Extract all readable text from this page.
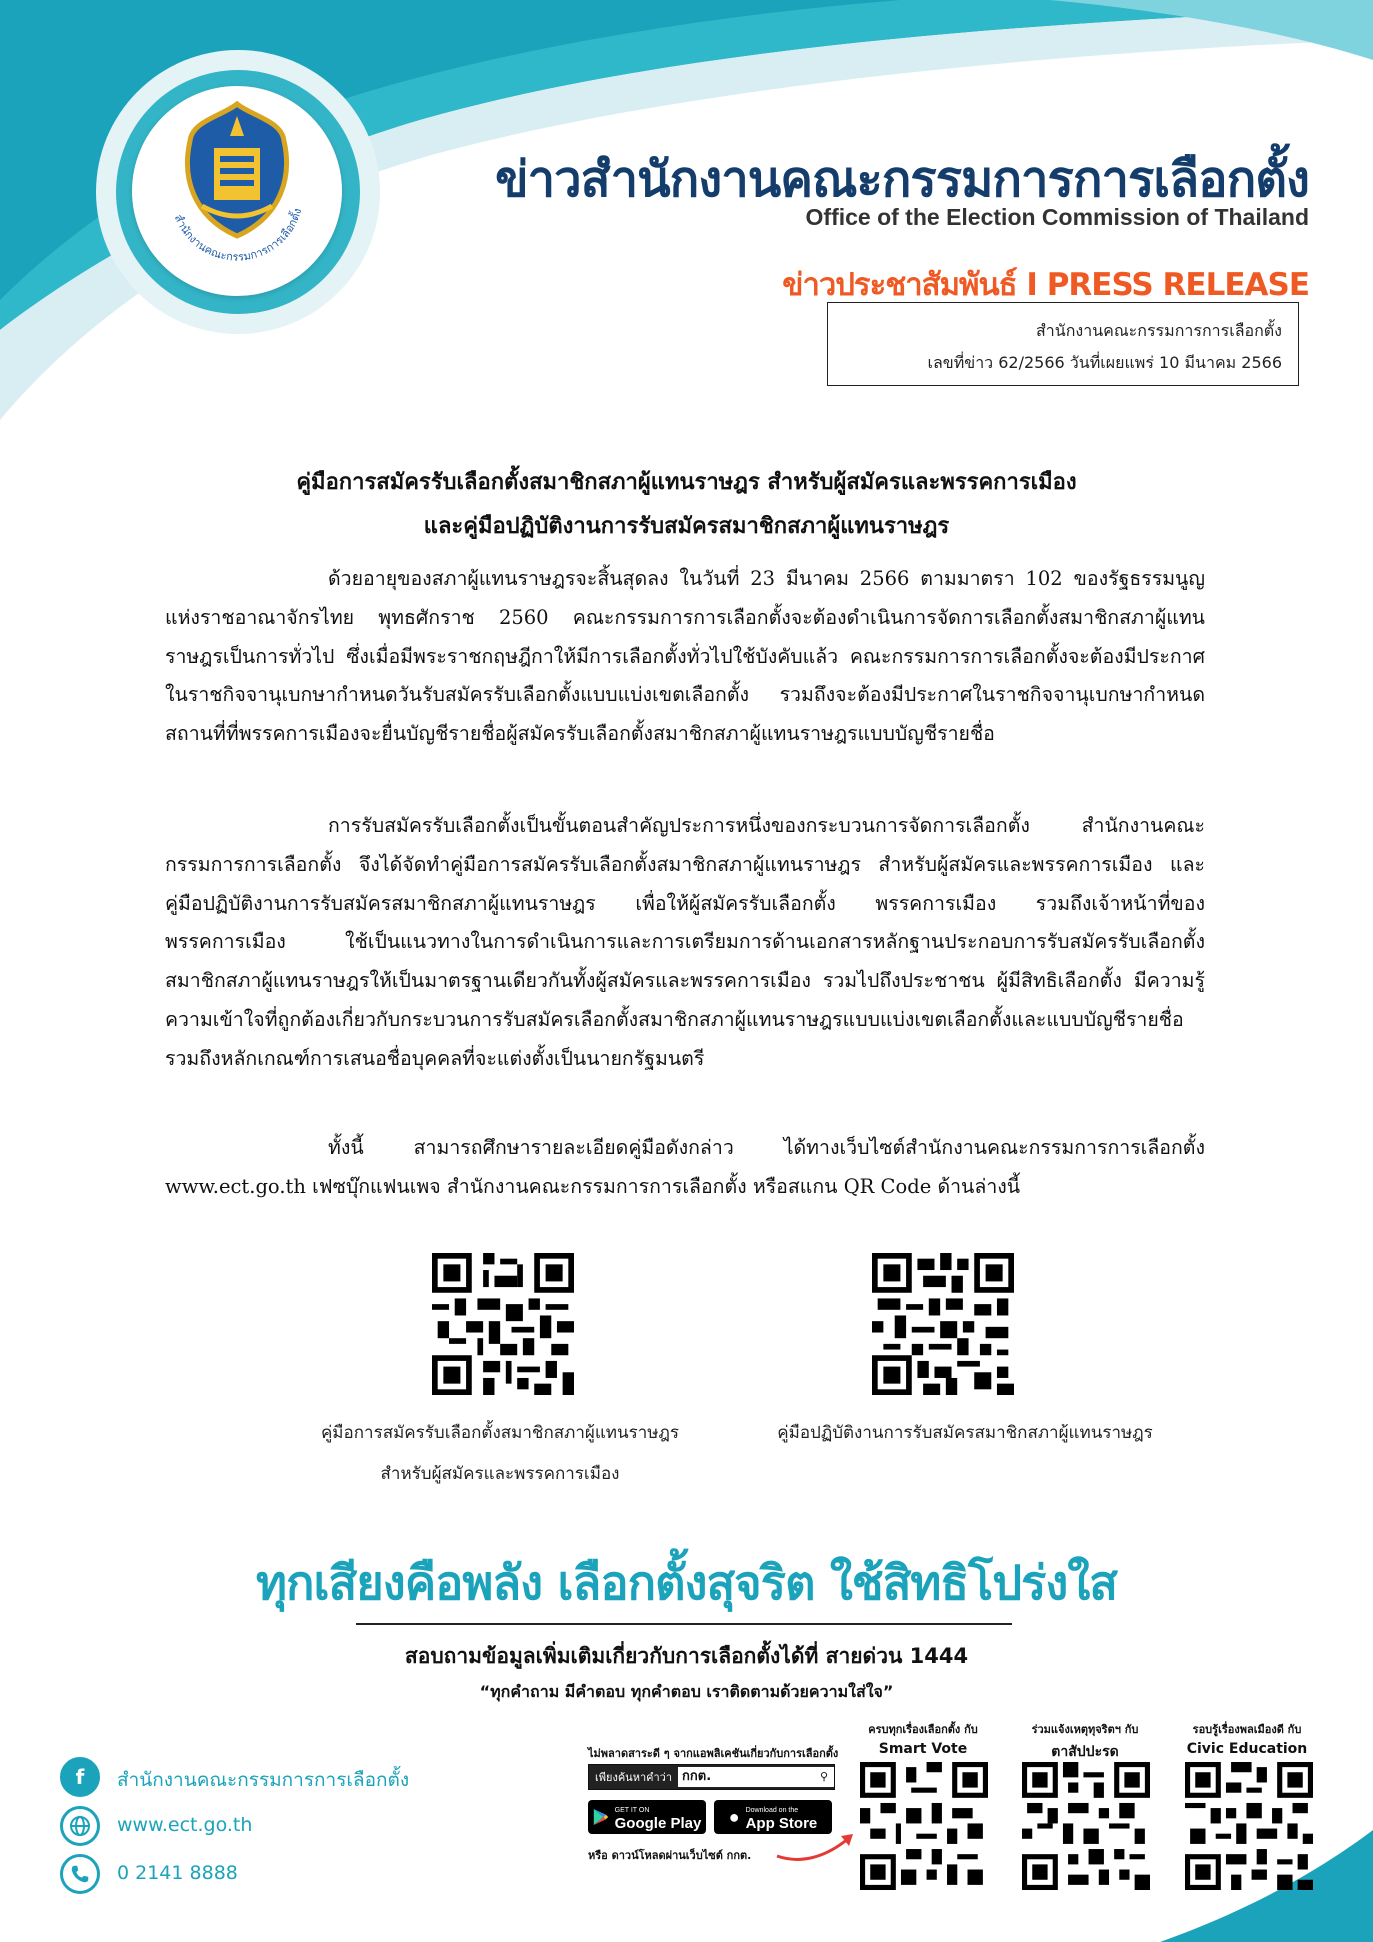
สำนักงานคณะกรรมการการเลือกตั้ง
ข่าวสำนักงานคณะกรรมการการเลือกตั้ง
Office of the Election Commission of Thailand
ข่าวประชาสัมพันธ์ I PRESS RELEASE
สำนักงานคณะกรรมการการเลือกตั้ง
เลขที่ข่าว 62/2566 วันที่เผยแพร่ 10 มีนาคม 2566
คู่มือการสมัครรับเลือกตั้งสมาชิกสภาผู้แทนราษฎร สำหรับผู้สมัครและพรรคการเมือง
และคู่มือปฏิบัติงานการรับสมัครสมาชิกสภาผู้แทนราษฎร
ด้วยอายุของสภาผู้แทนราษฎรจะสิ้นสุดลง ในวันที่ 23 มีนาคม 2566 ตามมาตรา 102 ของรัฐธรรมนูญแห่งราชอาณาจักรไทย พุทธศักราช 2560 คณะกรรมการการเลือกตั้งจะต้องดำเนินการจัดการเลือกตั้งสมาชิกสภาผู้แทนราษฎรเป็นการทั่วไป ซึ่งเมื่อมีพระราชกฤษฎีกาให้มีการเลือกตั้งทั่วไปใช้บังคับแล้ว คณะกรรมการการเลือกตั้งจะต้องมีประกาศในราชกิจจานุเบกษากำหนดวันรับสมัครรับเลือกตั้งแบบแบ่งเขตเลือกตั้ง รวมถึงจะต้องมีประกาศในราชกิจจานุเบกษากำหนดสถานที่ที่พรรคการเมืองจะยื่นบัญชีรายชื่อผู้สมัครรับเลือกตั้งสมาชิกสภาผู้แทนราษฎรแบบบัญชีรายชื่อ
การรับสมัครรับเลือกตั้งเป็นขั้นตอนสำคัญประการหนึ่งของกระบวนการจัดการเลือกตั้ง สำนักงานคณะกรรมการการเลือกตั้ง จึงได้จัดทำคู่มือการสมัครรับเลือกตั้งสมาชิกสภาผู้แทนราษฎร สำหรับผู้สมัครและพรรคการเมือง และคู่มือปฏิบัติงานการรับสมัครสมาชิกสภาผู้แทนราษฎร เพื่อให้ผู้สมัครรับเลือกตั้ง พรรคการเมือง รวมถึงเจ้าหน้าที่ของพรรคการเมือง ใช้เป็นแนวทางในการดำเนินการและการเตรียมการด้านเอกสารหลักฐานประกอบการรับสมัครรับเลือกตั้งสมาชิกสภาผู้แทนราษฎรให้เป็นมาตรฐานเดียวกันทั้งผู้สมัครและพรรคการเมือง รวมไปถึงประชาชน ผู้มีสิทธิเลือกตั้ง มีความรู้ความเข้าใจที่ถูกต้องเกี่ยวกับกระบวนการรับสมัครเลือกตั้งสมาชิกสภาผู้แทนราษฎรแบบแบ่งเขตเลือกตั้งและแบบบัญชีรายชื่อ รวมถึงหลักเกณฑ์การเสนอชื่อบุคคลที่จะแต่งตั้งเป็นนายกรัฐมนตรี
ทั้งนี้ สามารถศึกษารายละเอียดคู่มือดังกล่าว ได้ทางเว็บไซต์สำนักงานคณะกรรมการการเลือกตั้ง www.ect.go.th เฟซบุ๊กแฟนเพจ สำนักงานคณะกรรมการการเลือกตั้ง หรือสแกน QR Code ด้านล่างนี้
คู่มือการสมัครรับเลือกตั้งสมาชิกสภาผู้แทนราษฎร
สำหรับผู้สมัครและพรรคการเมือง
คู่มือปฏิบัติงานการรับสมัครสมาชิกสภาผู้แทนราษฎร
ทุกเสียงคือพลัง เลือกตั้งสุจริต ใช้สิทธิโปร่งใส
สอบถามข้อมูลเพิ่มเติมเกี่ยวกับการเลือกตั้งได้ที่ สายด่วน 1444
“ทุกคำถาม มีคำตอบ ทุกคำตอบ เราติดตามด้วยความใส่ใจ”
f	สำนักงานคณะกรรมการการเลือกตั้ง
www.ect.go.th
0 2141 8888
ไม่พลาดสาระดี ๆ จากแอพลิเคชันเกี่ยวกับการเลือกตั้ง
เพียงค้นหาคำว่า กกต.	⚲
GET IT ON
Google Play ● Download on the
App Store
หรือ ดาวน์โหลดผ่านเว็บไซต์ กกต.
ครบทุกเรื่องเลือกตั้ง กับ
Smart Vote
ร่วมแจ้งเหตุทุจริตฯ กับ
ตาสัปปะรด
รอบรู้เรื่องพลเมืองดี กับ
Civic Education
